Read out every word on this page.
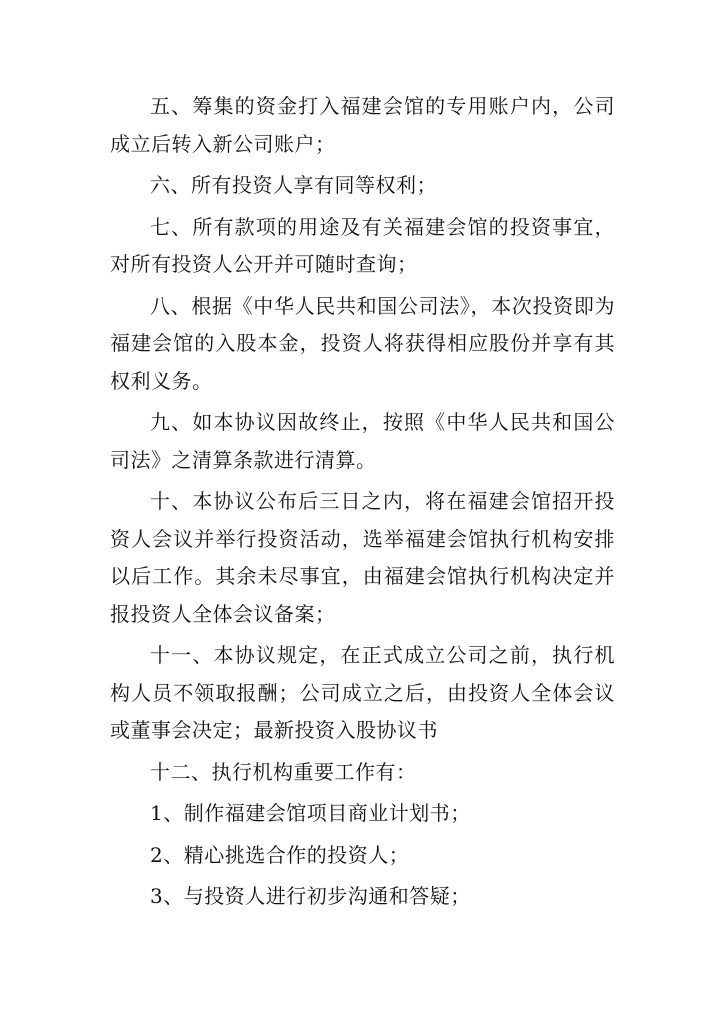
五、筹集的资金打入福建会馆的专用账户内，公司成立后转入新公司账户；

六、所有投资人享有同等权利；

七、所有款项的用途及有关福建会馆的投资事宜，对所有投资人公开并可随时查询；

八、根据《中华人民共和国公司法》，本次投资即为福建会馆的入股本金，投资人将获得相应股份并享有其权利义务。

九、如本协议因故终止，按照《中华人民共和国公司法》之清算条款进行清算。

十、本协议公布后三日之内，将在福建会馆招开投资人会议并举行投资活动，选举福建会馆执行机构安排以后工作。其余未尽事宜，由福建会馆执行机构决定并报投资人全体会议备案；

十一、本协议规定，在正式成立公司之前，执行机构人员不领取报酬；公司成立之后，由投资人全体会议或董事会决定；最新投资入股协议书

十二、执行机构重要工作有：

1、制作福建会馆项目商业计划书；

2、精心挑选合作的投资人；

3、与投资人进行初步沟通和答疑；
